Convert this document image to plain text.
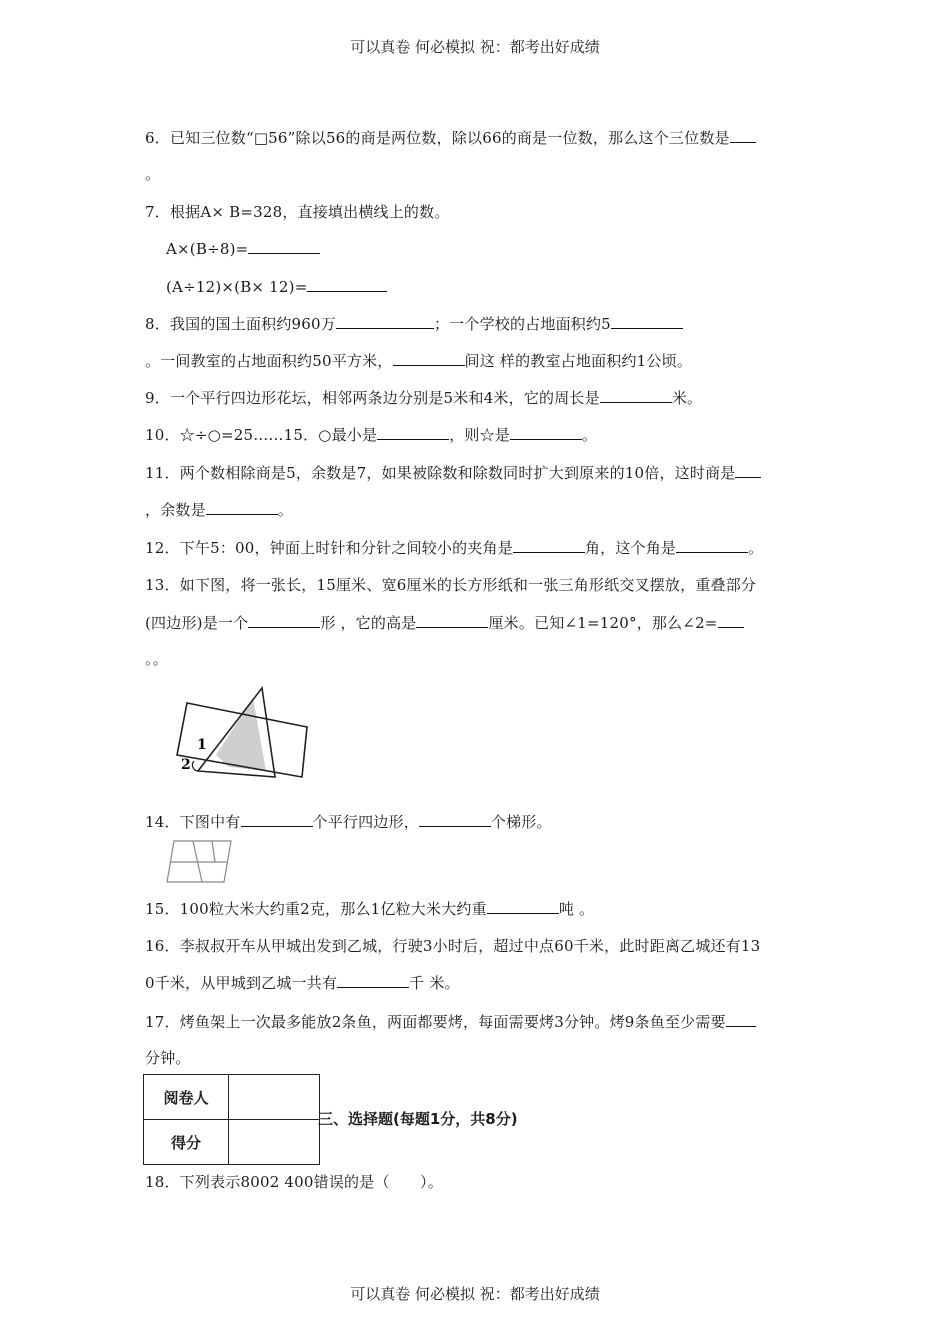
可以真卷 何必模拟 祝：都考出好成绩
6．已知三位数“□56”除以56的商是两位数，除以66的商是一位数，那么这个三位数是
。
7．根据A× B=328，直接填出横线上的数。
A×(B÷8)=
(A÷12)×(B× 12)=
8．我国的国土面积约960万	；一个学校的占地面积约5
。一间教室的占地面积约50平方米，	间这 样的教室占地面积约1公顷。
9．一个平行四边形花坛，相邻两条边分别是5米和4米，它的周长是	米。
10．☆÷○=25……15．○最小是	，则☆是	。
11．两个数相除商是5，余数是7，如果被除数和除数同时扩大到原来的10倍，这时商是
，余数是	。
12．下午5：00，钟面上时针和分针之间较小的夹角是	角，这个角是	。
13．如下图，将一张长，15厘米、宽6厘米的长方形纸和一张三角形纸交叉摆放，重叠部分
(四边形)是一个	形 ，它的高是	厘米。已知∠1=120°，那么∠2=
。。
1
2
14．下图中有	个平行四边形，	个梯形。
15．100粒大米大约重2克，那么1亿粒大米大约重	吨 。
16．李叔叔开车从甲城出发到乙城，行驶3小时后，超过中点60千米，此时距离乙城还有13
0千米，从甲城到乙城一共有	千 米。
17．烤鱼架上一次最多能放2条鱼，两面都要烤，每面需要烤3分钟。烤9条鱼至少需要
分钟。
阅卷人	
得分	
三、选择题(每题1分，共8分)
18．下列表示8002 400错误的是（　　）。
可以真卷 何必模拟 祝：都考出好成绩
